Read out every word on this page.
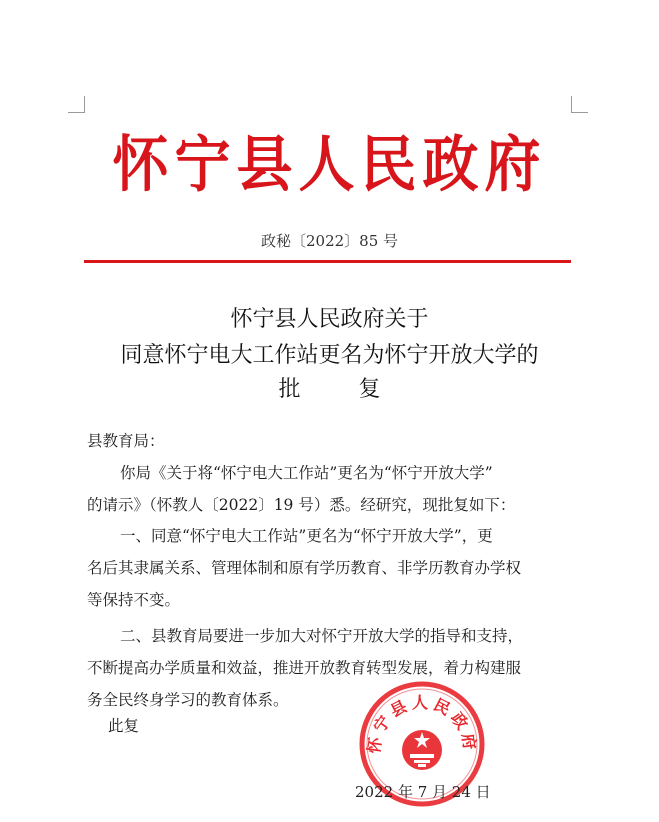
怀宁县人民政府
政秘〔2022〕85 号
怀宁县人民政府关于
同意怀宁电大工作站更名为怀宁开放大学的
批　复
县教育局：
你局《关于将“怀宁电大工作站”更名为“怀宁开放大学”
的请示》（怀教人〔2022〕19 号）悉。经研究，现批复如下：
一、同意“怀宁电大工作站”更名为“怀宁开放大学”，更
名后其隶属关系、管理体制和原有学历教育、非学历教育办学权
等保持不变。
二、县教育局要进一步加大对怀宁开放大学的指导和支持，
不断提高办学质量和效益，推进开放教育转型发展，着力构建服
务全民终身学习的教育体系。
此复
怀宁县人民政府
2022 年 7 月 24 日
